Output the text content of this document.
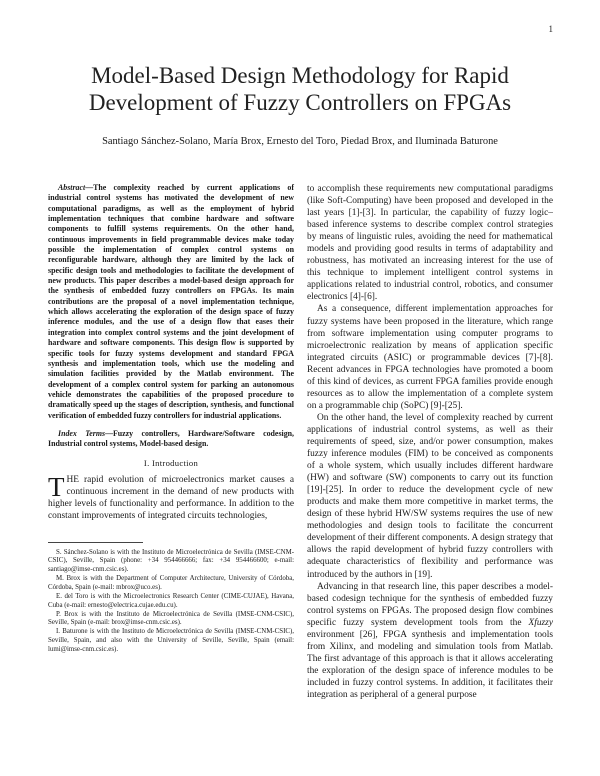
1
Model-Based Design Methodology for Rapid
Development of Fuzzy Controllers on FPGAs
Santiago Sánchez-Solano, María Brox, Ernesto del Toro, Piedad Brox, and Iluminada Baturone

Abstract—The complexity reached by current applications of industrial control systems has motivated the development of new computational paradigms, as well as the employment of hybrid implementation techniques that combine hardware and software components to fulfill systems requirements. On the other hand, continuous improvements in field programmable devices make today possible the implementation of complex control systems on reconfigurable hardware, although they are limited by the lack of specific design tools and methodologies to facilitate the development of new products. This paper describes a model-based design approach for the synthesis of embedded fuzzy controllers on FPGAs. Its main contributions are the proposal of a novel implementation technique, which allows accelerating the exploration of the design space of fuzzy inference modules, and the use of a design flow that eases their integration into complex control systems and the joint development of hardware and software components. This design flow is supported by specific tools for fuzzy systems development and standard FPGA synthesis and implementation tools, which use the modeling and simulation facilities provided by the Matlab environment. The development of a complex control system for parking an autonomous vehicle demonstrates the capabilities of the proposed procedure to dramatically speed up the stages of description, synthesis, and functional verification of embedded fuzzy controllers for industrial applications.

Index Terms—Fuzzy controllers, Hardware/Software codesign, Industrial control systems, Model-based design.

I. Introduction

THE rapid evolution of microelectronics market causes a continuous increment in the demand of new products with higher levels of functionality and performance. In addition to the constant improvements of integrated circuits technologies,

S. Sánchez-Solano is with the Instituto de Microelectrónica de Sevilla (IMSE-CNM-CSIC), Seville, Spain (phone: +34 954466666; fax: +34 954466600; e-mail: santiago@imse-cnm.csic.es).

M. Brox is with the Department of Computer Architecture, University of Córdoba, Córdoba, Spain (e-mail: mbrox@uco.es).

E. del Toro is with the Microelectronics Research Center (CIME-CUJAE), Havana, Cuba (e-mail: ernesto@electrica.cujae.edu.cu).

P. Brox is with the Instituto de Microelectrónica de Sevilla (IMSE-CNM-CSIC), Seville, Spain (e-mail: brox@imse-cnm.csic.es).

I. Baturone is with the Instituto de Microelectrónica de Sevilla (IMSE-CNM-CSIC), Seville, Spain, and also with the University of Seville, Seville, Spain (email: lumi@imse-cnm.csic.es).

to accomplish these requirements new computational paradigms (like Soft-Computing) have been proposed and developed in the last years [1]-[3]. In particular, the capability of fuzzy logic–based inference systems to describe complex control strategies by means of linguistic rules, avoiding the need for mathematical models and providing good results in terms of adaptability and robustness, has motivated an increasing interest for the use of this technique to implement intelligent control systems in applications related to industrial control, robotics, and consumer electronics [4]-[6].

As a consequence, different implementation approaches for fuzzy systems have been proposed in the literature, which range from software implementation using computer programs to microelectronic realization by means of application specific integrated circuits (ASIC) or programmable devices [7]-[8]. Recent advances in FPGA technologies have promoted a boom of this kind of devices, as current FPGA families provide enough resources as to allow the implementation of a complete system on a programmable chip (SoPC) [9]-[25].

On the other hand, the level of complexity reached by current applications of industrial control systems, as well as their requirements of speed, size, and/or power consumption, makes fuzzy inference modules (FIM) to be conceived as components of a whole system, which usually includes different hardware (HW) and software (SW) components to carry out its function [19]-[25]. In order to reduce the development cycle of new products and make them more competitive in market terms, the design of these hybrid HW/SW systems requires the use of new methodologies and design tools to facilitate the concurrent development of their different components. A design strategy that allows the rapid development of hybrid fuzzy controllers with adequate characteristics of flexibility and performance was introduced by the authors in [19].

Advancing in that research line, this paper describes a model-based codesign technique for the synthesis of embedded fuzzy control systems on FPGAs. The proposed design flow combines specific fuzzy system development tools from the Xfuzzy environment [26], FPGA synthesis and implementation tools from Xilinx, and modeling and simulation tools from Matlab. The first advantage of this approach is that it allows accelerating the exploration of the design space of inference modules to be included in fuzzy control systems. In addition, it facilitates their integration as peripheral of a general purpose
